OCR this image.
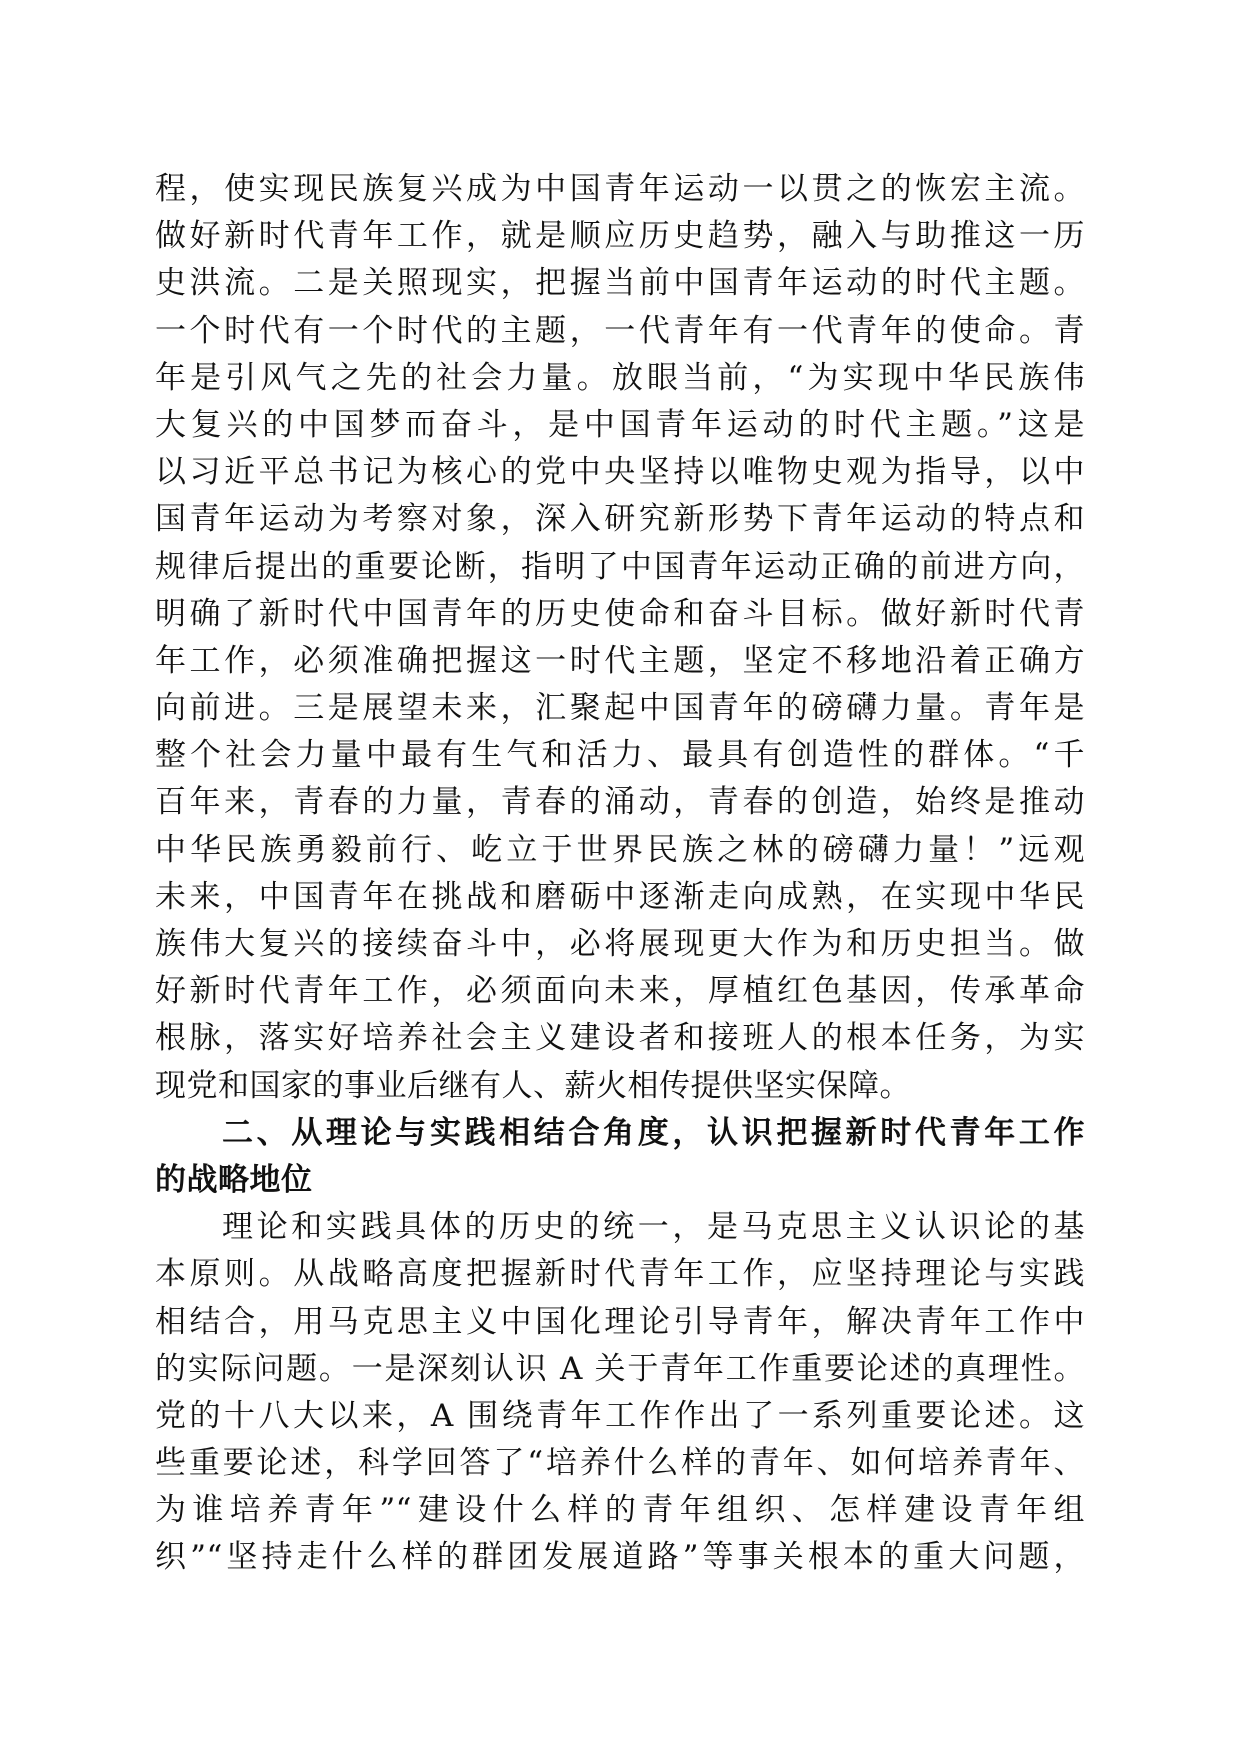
程，使实现民族复兴成为中国青年运动一以贯之的恢宏主流。
做好新时代青年工作，就是顺应历史趋势，融入与助推这一历
史洪流。二是关照现实，把握当前中国青年运动的时代主题。
一个时代有一个时代的主题，一代青年有一代青年的使命。青
年是引风气之先的社会力量。放眼当前，“为实现中华民族伟
大复兴的中国梦而奋斗，是中国青年运动的时代主题。”这是
以习近平总书记为核心的党中央坚持以唯物史观为指导，以中
国青年运动为考察对象，深入研究新形势下青年运动的特点和
规律后提出的重要论断，指明了中国青年运动正确的前进方向，
明确了新时代中国青年的历史使命和奋斗目标。做好新时代青
年工作，必须准确把握这一时代主题，坚定不移地沿着正确方
向前进。三是展望未来，汇聚起中国青年的磅礴力量。青年是
整个社会力量中最有生气和活力、最具有创造性的群体。“千
百年来，青春的力量，青春的涌动，青春的创造，始终是推动
中华民族勇毅前行、屹立于世界民族之林的磅礴力量！”远观
未来，中国青年在挑战和磨砺中逐渐走向成熟，在实现中华民
族伟大复兴的接续奋斗中，必将展现更大作为和历史担当。做
好新时代青年工作，必须面向未来，厚植红色基因，传承革命
根脉，落实好培养社会主义建设者和接班人的根本任务，为实
现党和国家的事业后继有人、薪火相传提供坚实保障。
二、从理论与实践相结合角度，认识把握新时代青年工作
的战略地位
理论和实践具体的历史的统一，是马克思主义认识论的基
本原则。从战略高度把握新时代青年工作，应坚持理论与实践
相结合，用马克思主义中国化理论引导青年，解决青年工作中
的实际问题。一是深刻认识 A 关于青年工作重要论述的真理性。
党的十八大以来，A 围绕青年工作作出了一系列重要论述。这
些重要论述，科学回答了“培养什么样的青年、如何培养青年、
为谁培养青年”“建设什么样的青年组织、怎样建设青年组
织”“坚持走什么样的群团发展道路”等事关根本的重大问题，
